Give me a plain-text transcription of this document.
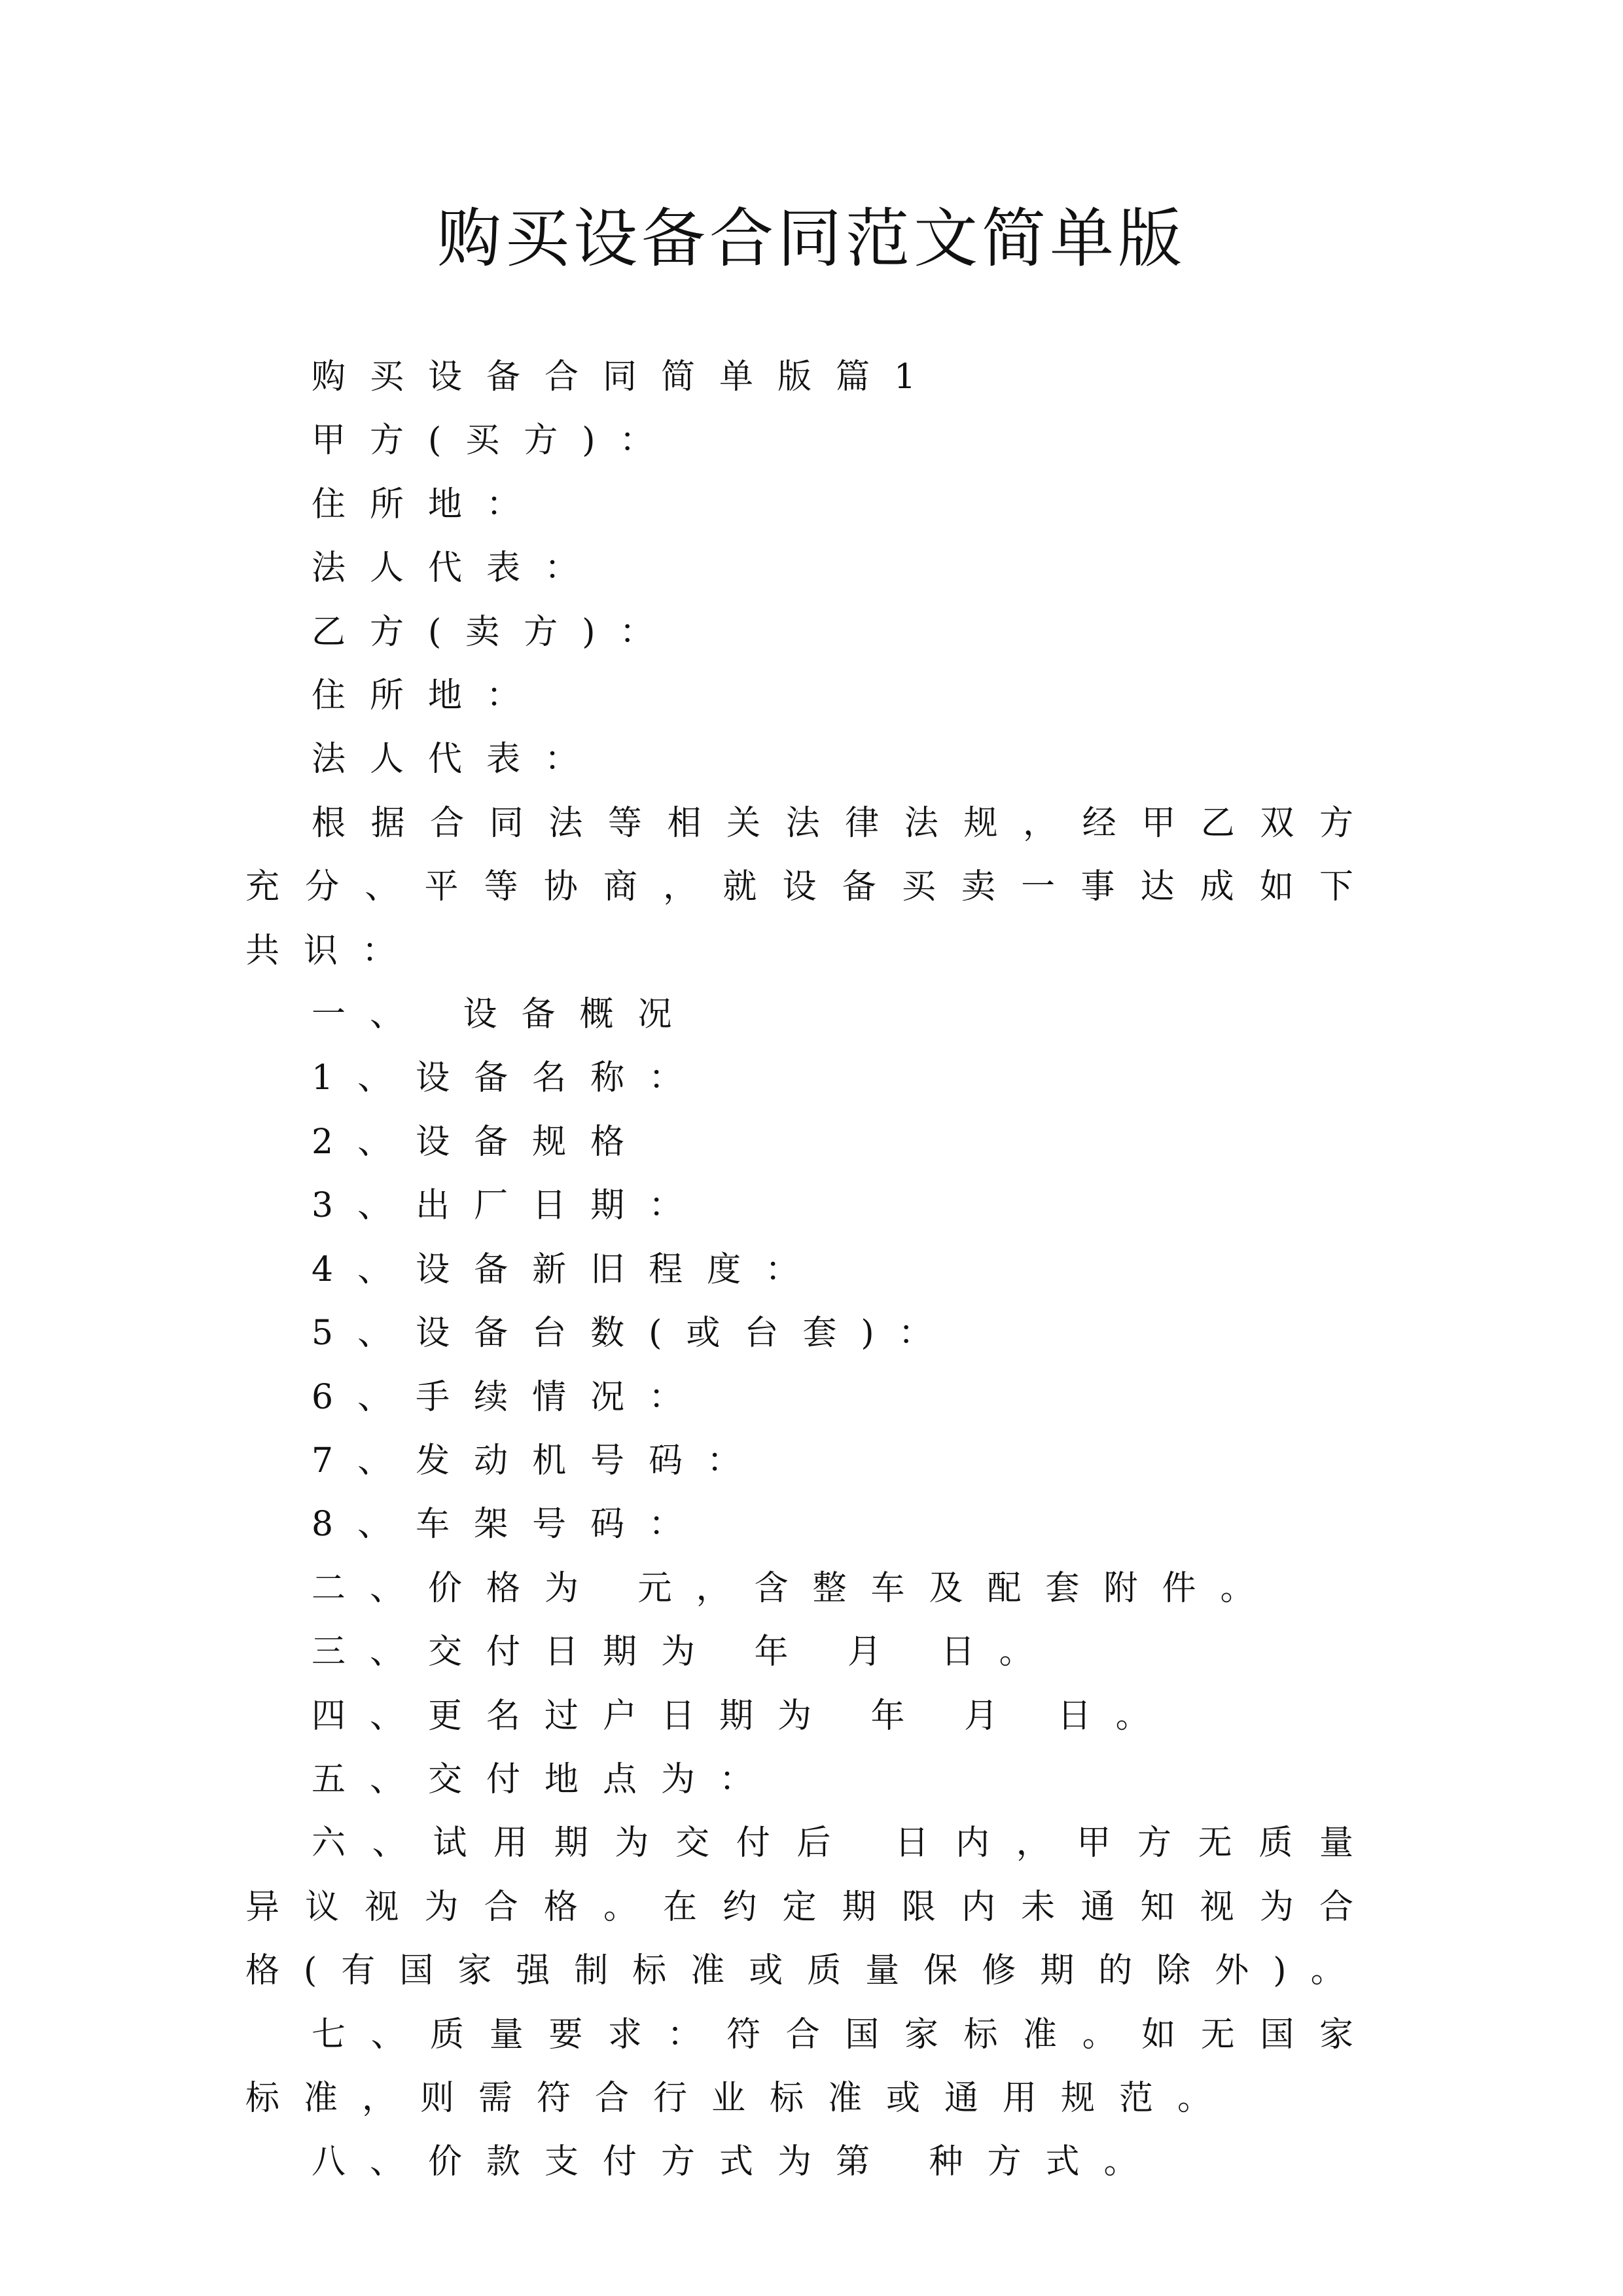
购买设备合同范文简单版

购买设备合同简单版篇1

甲方(买方)：

住所地：

法人代表：

乙方(卖方)：

住所地：

法人代表：

根据合同法等相关法律法规，经甲乙双方充分、平等协商，就设备买卖一事达成如下共识：

一、 设备概况

1、设备名称：

2、设备规格

3、出厂日期：

4、设备新旧程度：

5、设备台数(或台套)：

6、手续情况：

7、发动机号码：

8、车架号码：

二、价格为 元，含整车及配套附件。

三、交付日期为 年 月 日。

四、更名过户日期为 年 月 日。

五、交付地点为：

六、试用期为交付后 日内，甲方无质量异议视为合格。在约定期限内未通知视为合格(有国家强制标准或质量保修期的除外)。

七、质量要求：符合国家标准。如无国家标准，则需符合行业标准或通用规范。

八、价款支付方式为第 种方式。
